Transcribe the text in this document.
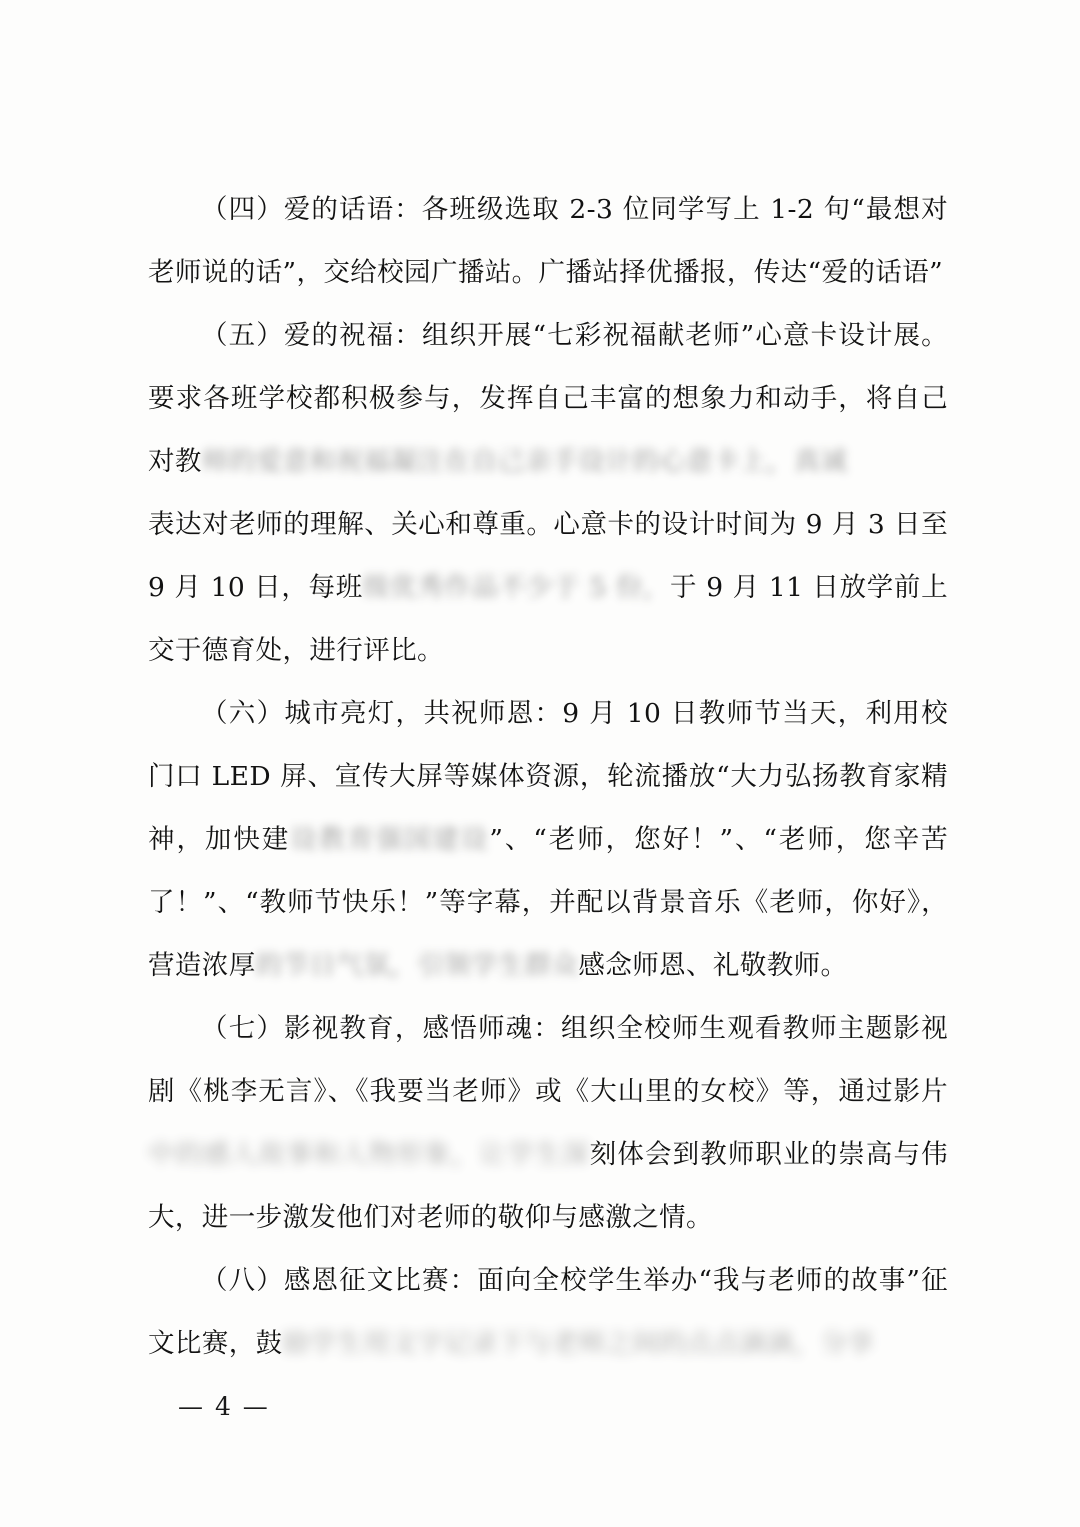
（四）爱的话语：各班级选取 2-3 位同学写上 1-2 句“最想对老师说的话”，交给校园广播站。广播站择优播报，传达“爱的话语”

（五）爱的祝福：组织开展“七彩祝福献老师”心意卡设计展。要求各班学校都积极参与，发挥自己丰富的想象力和动手，将自己对教师的爱意和祝福凝注在自己亲手设计的心意卡上，真诚

表达对老师的理解、关心和尊重。心意卡的设计时间为 9 月 3 日至 9 月 10 日，每班级优秀作品不少于 5 份，于 9 月 11 日放学前上交于德育处，进行评比。

（六）城市亮灯，共祝师恩：9 月 10 日教师节当天，利用校门口 LED 屏、宣传大屏等媒体资源，轮流播放“大力弘扬教育家精神，加快建设教育强国建设”、“老师，您好！”、“老师，您辛苦了！”、“教师节快乐！”等字幕，并配以背景音乐《老师，你好》，营造浓厚的节日气氛，引领学生群众感念师恩、礼敬教师。

（七）影视教育，感悟师魂：组织全校师生观看教师主题影视剧《桃李无言》、《我要当老师》或《大山里的女校》等，通过影片中的感人故事和人物形象，让学生深刻体会到教师职业的崇高与伟大，进一步激发他们对老师的敬仰与感激之情。

（八）感恩征文比赛：面向全校学生举办“我与老师的故事”征文比赛，鼓励学生用文字记录下与老师之间的点点滴滴，分享

— 4 —
